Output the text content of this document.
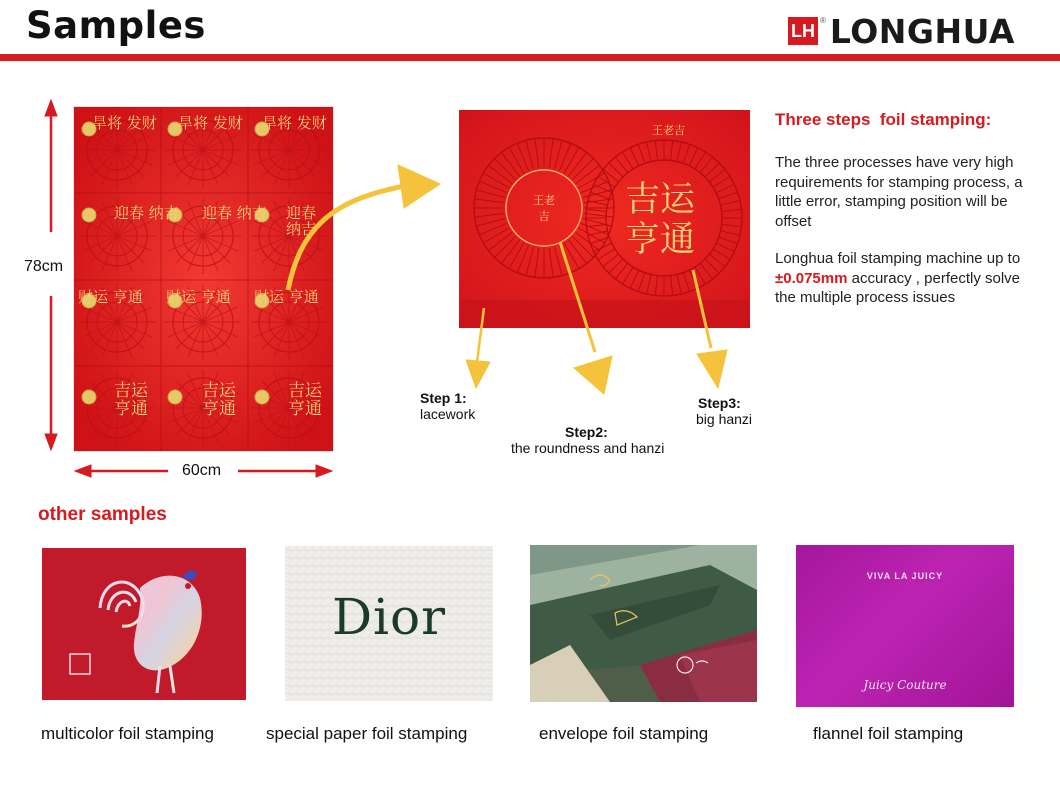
Samples	LH ® LONGHUA
78cm
60cm
旱将 发财 旱将 发财 旱将 发财
迎春 纳吉 迎春 纳吉 迎春 纳吉
财运 亨通 财运 亨通 财运 亨通
吉运 亨通
吉运 亨通
吉运 亨通
王老吉
王老吉 吉运亨通
Step 1:
lacework
Step2:
the roundness and hanzi
Step3:
big hanzi
Three steps  foil stamping:
The three processes have very high requirements for stamping process, a little error, stamping position will be offset
Longhua foil stamping machine up to ±0.075mm accuracy , perfectly solve the multiple process issues
other samples
Dior
VIVA LA JUICY
Juicy Couture
multicolor foil stamping	special paper foil stamping	envelope foil stamping	flannel foil stamping
